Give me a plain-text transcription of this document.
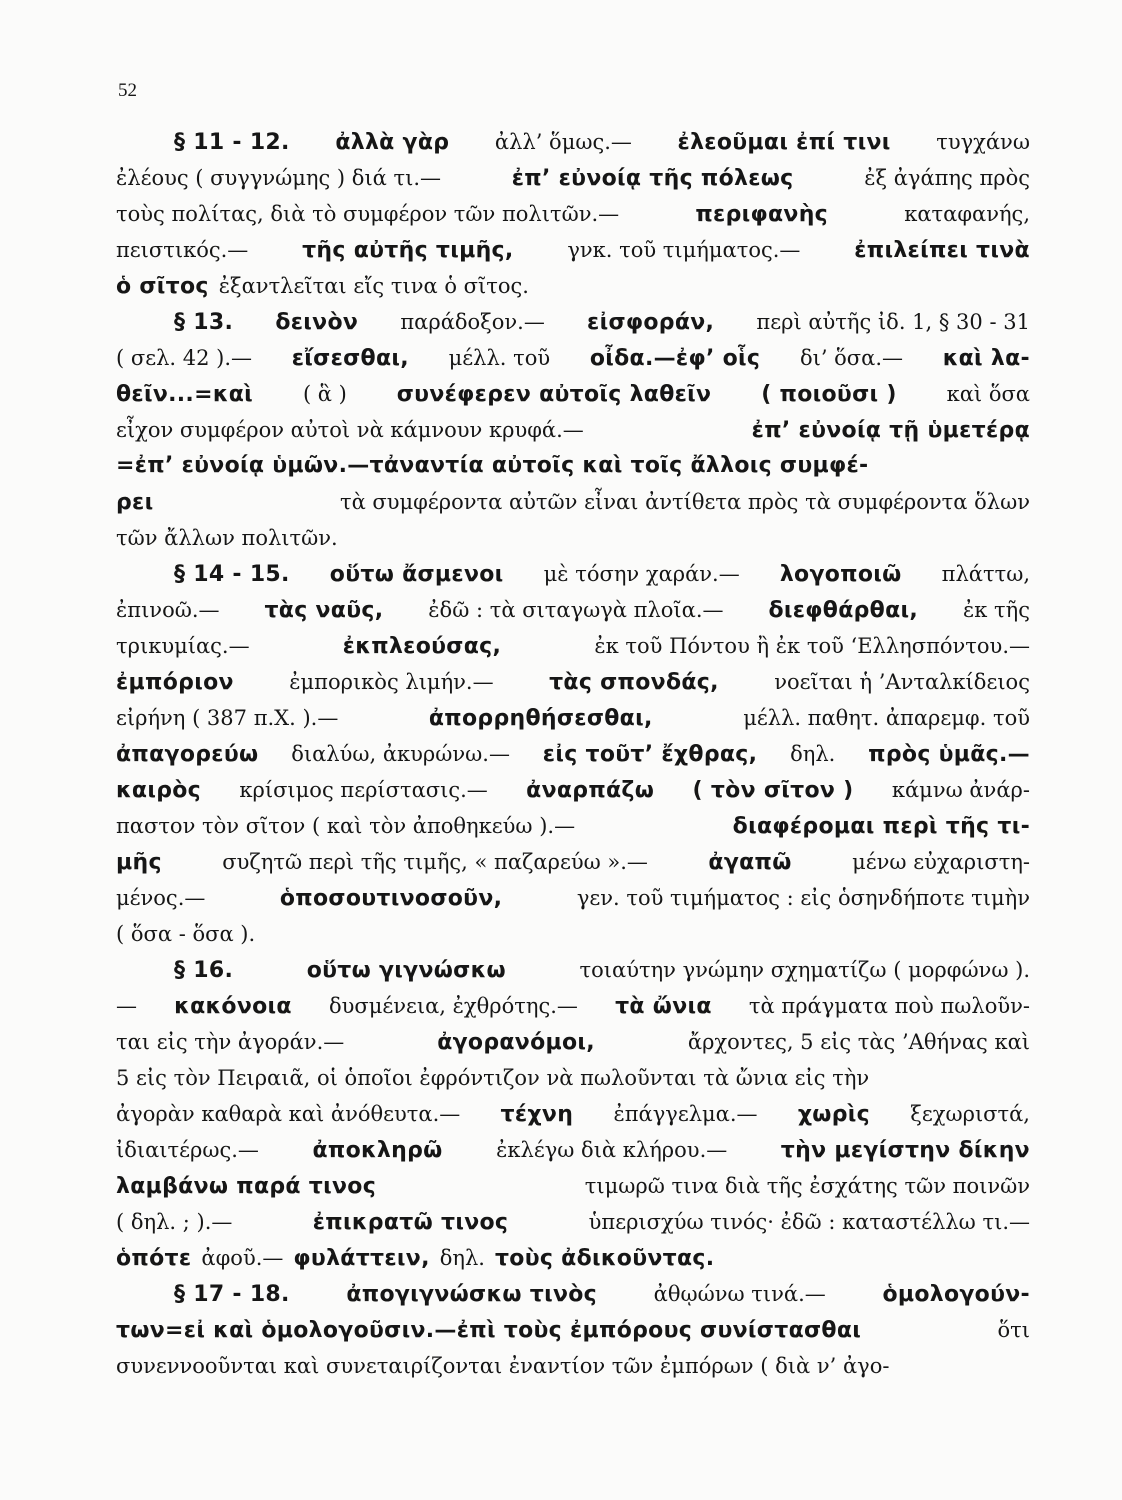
52
§ 11 - 12. ἀλλὰ γὰρ ἀλλ’ ὅμως.— ἐλεοῦμαι ἐπί τινι τυγχάνω
ἐλέους ( συγγνώμης ) διά τι.—	ἐπ’ εὐνοίᾳ τῆς πόλεως	ἐξ ἀγάπης πρὸς
τοὺς πολίτας, διὰ τὸ συμφέρον τῶν πολιτῶν.—	περιφανὴς	καταφανής,
πειστικός.— τῆς αὐτῆς τιμῆς,	γνκ. τοῦ τιμήματος.— ἐπιλείπει τινὰ
ὁ σῖτος ἐξαντλεῖται εἴς τινα ὁ σῖτος.
§ 13. δεινὸν παράδοξον.— εἰσφοράν, περὶ αὐτῆς ἰδ. 1, § 30 - 31
( σελ. 42 ).— εἴσεσθαι, μέλλ. τοῦ οἶδα.—ἐφ’ οἷς δι’ ὅσα.— καὶ λα-
θεῖν...=καὶ ( ἃ ) συνέφερεν αὐτοῖς λαθεῖν ( ποιοῦσι ) καὶ ὅσα
εἶχον συμφέρον αὐτοὶ νὰ κάμνουν κρυφά.—	ἐπ’ εὐνοίᾳ τῇ ὑμετέρᾳ
=ἐπ’ εὐνοίᾳ ὑμῶν.—τἀναντία αὐτοῖς καὶ τοῖς ἄλλοις συμφέ-
ρει	τὰ συμφέροντα αὐτῶν εἶναι ἀντίθετα πρὸς τὰ συμφέροντα ὅλων
τῶν ἄλλων πολιτῶν.
§ 14 - 15. οὕτω ἄσμενοι μὲ τόσην χαράν.— λογοποιῶ πλάττω,
ἐπινοῶ.— τὰς ναῦς, ἐδῶ : τὰ σιταγωγὰ πλοῖα.— διεφθάρθαι, ἐκ τῆς
τρικυμίας.—	ἐκπλεούσας,	ἐκ τοῦ Πόντου ἢ ἐκ τοῦ ‘Ελλησπόντου.—
ἐμπόριον	ἐμπορικὸς λιμήν.—	τὰς σπονδάς,	νοεῖται ἡ ’Ανταλκίδειος
εἰρήνη ( 387 π.Χ. ).—	ἀπορρηθήσεσθαι,	μέλλ. παθητ. ἀπαρεμφ. τοῦ
ἀπαγορεύω διαλύω, ἀκυρώνω.— εἰς τοῦτ’ ἔχθρας, δηλ. πρὸς ὑμᾶς.—
καιρὸς κρίσιμος περίστασις.— ἀναρπάζω ( τὸν σῖτον ) κάμνω ἀνάρ-
παστον τὸν σῖτον ( καὶ τὸν ἀποθηκεύω ).—	διαφέρομαι περὶ τῆς τι-
μῆς	συζητῶ περὶ τῆς τιμῆς, « παζαρεύω ».—	ἀγαπῶ	μένω εὐχαριστη-
μένος.—	ὁποσουτινοσοῦν,	γεν. τοῦ τιμήματος : εἰς ὁσηνδήποτε τιμὴν
( ὅσα - ὅσα ).
§ 16.	οὕτω γιγνώσκω	τοιαύτην γνώμην σχηματίζω ( μορφώνω ).
— κακόνοια δυσμένεια, ἐχθρότης.— τὰ ὤνια τὰ πράγματα ποὺ πωλοῦν-
ται εἰς τὴν ἀγοράν.—	ἀγορανόμοι,	ἄρχοντες, 5 εἰς τὰς ’Αθήνας καὶ
5 εἰς τὸν Πειραιᾶ, οἱ ὁποῖοι ἐφρόντιζον νὰ πωλοῦνται τὰ ὤνια εἰς τὴν
ἀγορὰν καθαρὰ καὶ ἀνόθευτα.— τέχνη ἐπάγγελμα.— χωρὶς ξεχωριστά,
ἰδιαιτέρως.— ἀποκληρῶ	ἐκλέγω διὰ κλήρου.— τὴν μεγίστην δίκην
λαμβάνω παρά τινος	τιμωρῶ τινα διὰ τῆς ἐσχάτης τῶν ποινῶν
( δηλ. ; ).—	ἐπικρατῶ τινος	ὑπερισχύω τινός· ἐδῶ : καταστέλλω τι.—
ὁπότε ἀφοῦ.— φυλάττειν, δηλ. τοὺς ἀδικοῦντας.
§ 17 - 18.	ἀπογιγνώσκω τινὸς	ἀθῳώνω τινά.—	ὁμολογούν-
των=εἰ καὶ ὁμολογοῦσιν.—ἐπὶ τοὺς ἐμπόρους συνίστασθαι	ὅτι
συνεννοοῦνται καὶ συνεταιρίζονται ἐναντίον τῶν ἐμπόρων ( διὰ ν’ ἀγο-
